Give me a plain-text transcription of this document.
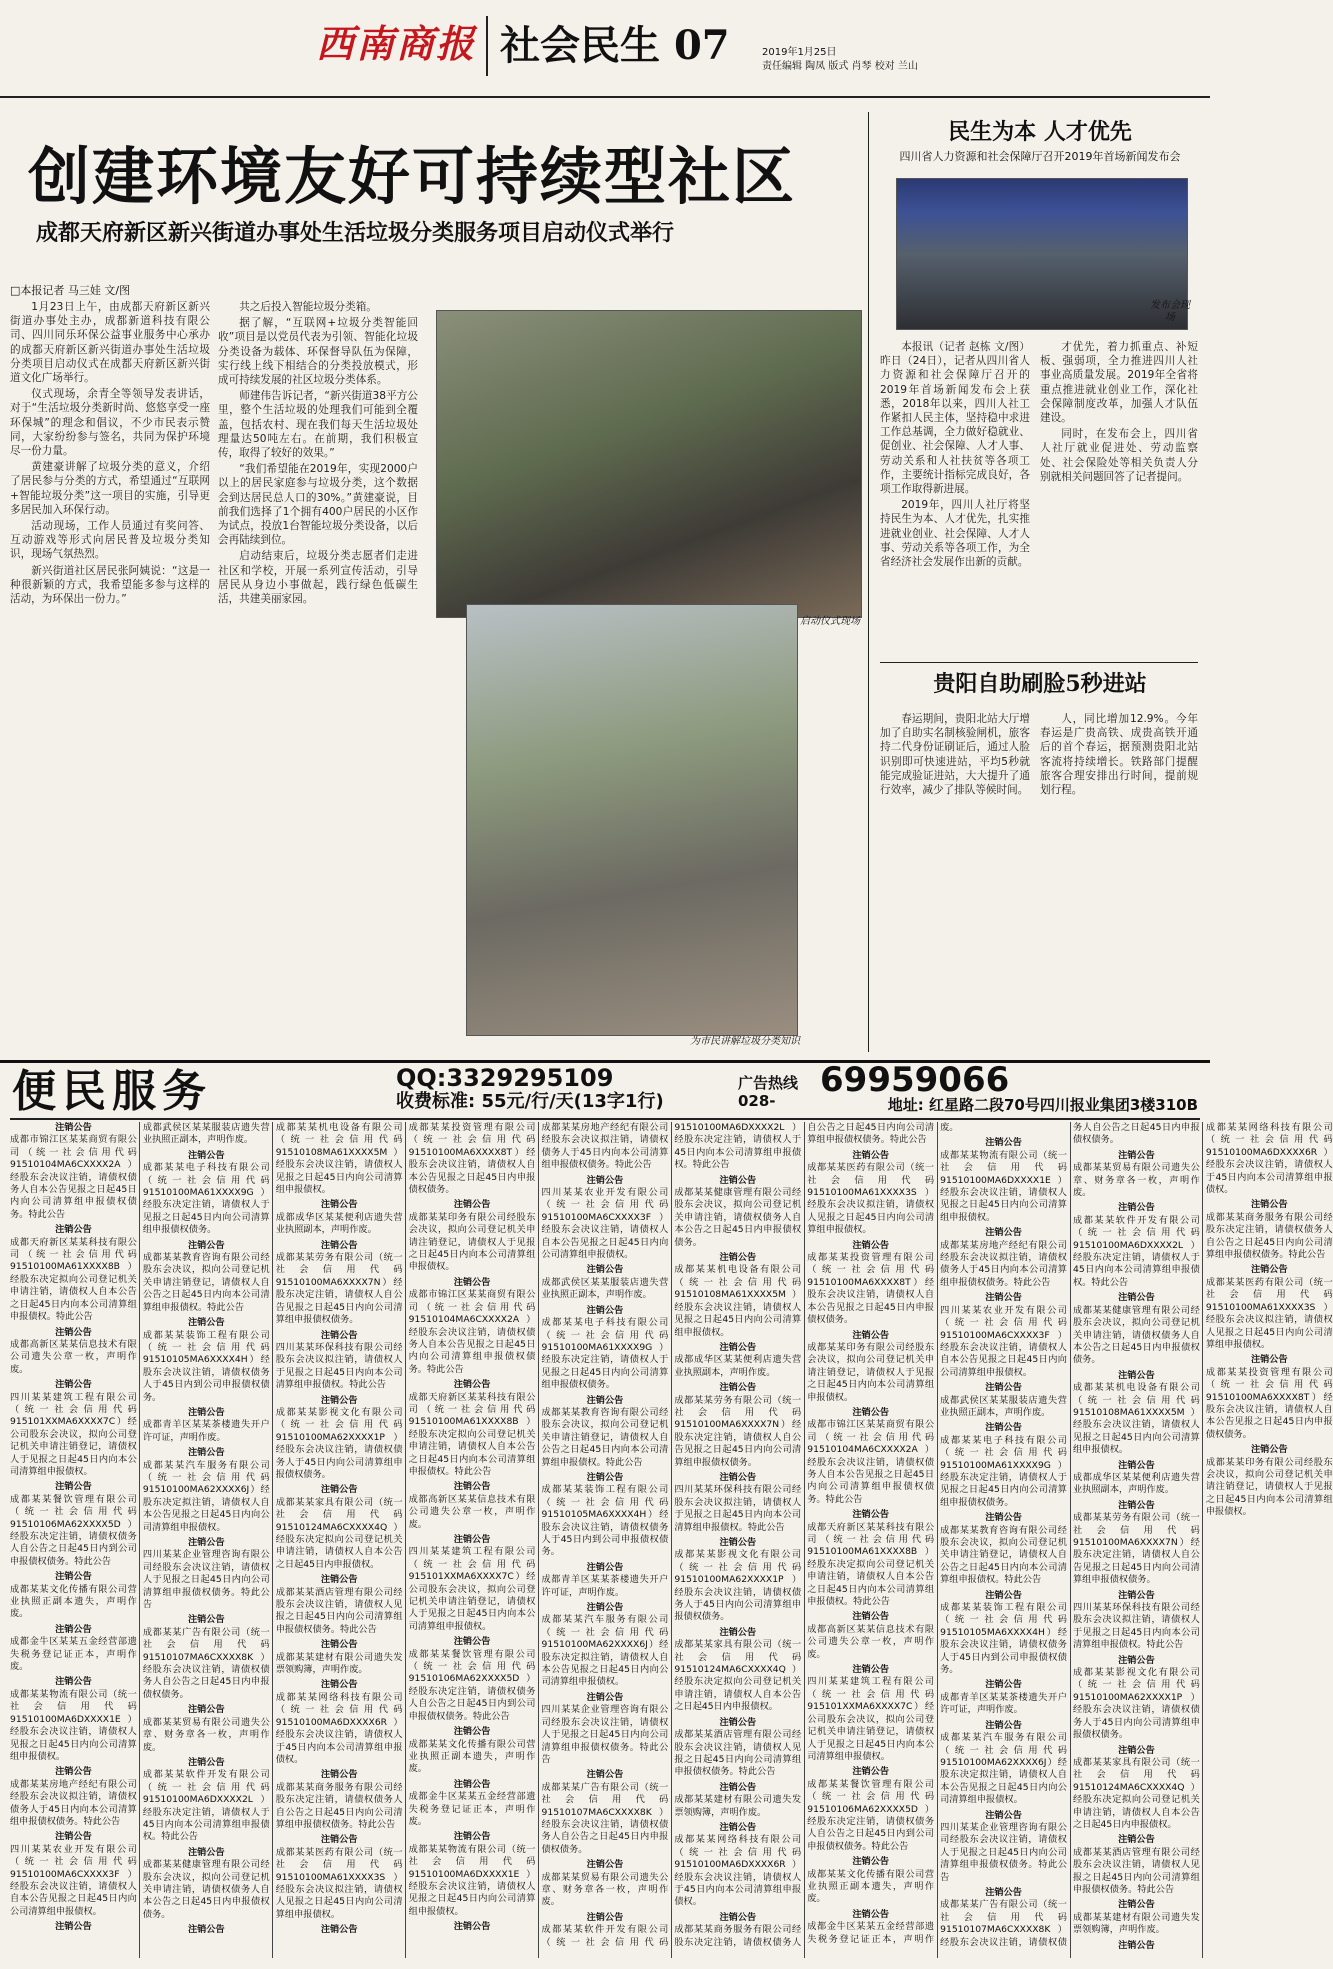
西南商报 社会民生 07	2019年1月25日
责任编辑 陶凤 版式 肖琴 校对 兰山
创建环境友好可持续型社区
成都天府新区新兴街道办事处生活垃圾分类服务项目启动仪式举行
□本报记者 马三娃 文/图

1月23日上午，由成都天府新区新兴街道办事处主办，成都新道科技有限公司、四川同乐环保公益事业服务中心承办的成都天府新区新兴街道办事处生活垃圾分类项目启动仪式在成都天府新区新兴街道文化广场举行。

仪式现场，余青全等领导发表讲话，对于“生活垃圾分类新时尚、悠悠享受一座环保城”的理念和倡议，不少市民表示赞同，大家纷纷参与签名，共同为保护环境尽一份力量。

黄建豪讲解了垃圾分类的意义，介绍了居民参与分类的方式，希望通过“互联网+智能垃圾分类”这一项目的实施，引导更多居民加入环保行动。

活动现场，工作人员通过有奖问答、互动游戏等形式向居民普及垃圾分类知识，现场气氛热烈。

新兴街道社区居民张阿姨说：“这是一种很新颖的方式，我希望能多参与这样的活动，为环保出一份力。”

共之后投入智能垃圾分类箱。

据了解，“互联网+垃圾分类智能回收”项目是以党员代表为引领、智能化垃圾分类设备为载体、环保督导队伍为保障，实行线上线下相结合的分类投放模式，形成可持续发展的社区垃圾分类体系。

师建伟告诉记者，“新兴街道38平方公里，整个生活垃圾的处理我们可能到全覆盖，包括农村、现在我们每天生活垃圾处理量达50吨左右。在前期，我们积极宣传，取得了较好的效果。”

“我们希望能在2019年，实现2000户以上的居民家庭参与垃圾分类，这个数据会到达居民总人口的30%。”黄建豪说，目前我们选择了1个拥有400户居民的小区作为试点，投放1台智能垃圾分类设备，以后会再陆续到位。

启动结束后，垃圾分类志愿者们走进社区和学校，开展一系列宣传活动，引导居民从身边小事做起，践行绿色低碳生活，共建美丽家园。

启动仪式现场
为市民讲解垃圾分类知识
民生为本 人才优先
四川省人力资源和社会保障厅召开2019年首场新闻发布会
发布会现场

本报讯（记者 赵栋 文/图）昨日（24日），记者从四川省人力资源和社会保障厅召开的2019年首场新闻发布会上获悉，2018年以来，四川人社工作紧扣人民主体，坚持稳中求进工作总基调，全力做好稳就业、促创业、社会保障、人才人事、劳动关系和人社扶贫等各项工作，主要统计指标完成良好，各项工作取得新进展。

2019年，四川人社厅将坚持民生为本、人才优先，扎实推进就业创业、社会保障、人才人事、劳动关系等各项工作，为全省经济社会发展作出新的贡献。

才优先，着力抓重点、补短板、强弱项，全力推进四川人社事业高质量发展。2019年全省将重点推进就业创业工作，深化社会保障制度改革，加强人才队伍建设。

同时，在发布会上，四川省人社厅就业促进处、劳动监察处、社会保险处等相关负责人分别就相关问题回答了记者提问。

贵阳自助刷脸5秒进站

春运期间，贵阳北站大厅增加了自助实名制核验闸机，旅客持二代身份证刷证后，通过人脸识别即可快速进站，平均5秒就能完成验证进站，大大提升了通行效率，减少了排队等候时间。

人，同比增加12.9%。今年春运是广贵高铁、成贵高铁开通后的首个春运，据预测贵阳北站客流将持续增长。铁路部门提醒旅客合理安排出行时间，提前规划行程。

便民服务	QQ:3329295109
收费标准: 55元/行/天(13字1行)
广告热线 028-
69959066
地址: 红星路二段70号四川报业集团3楼310B
注销公告
成都市锦江区某某商贸有限公司（统一社会信用代码91510104MA6CXXXX2A）经股东会决议注销，请债权债务人自本公告见报之日起45日内向公司清算组申报债权债务。特此公告
注销公告
成都天府新区某某科技有限公司（统一社会信用代码91510100MA61XXXX8B）经股东决定拟向公司登记机关申请注销，请债权人自本公告之日起45日内向本公司清算组申报债权。特此公告
注销公告
成都高新区某某信息技术有限公司遗失公章一枚，声明作废。
注销公告
四川某某建筑工程有限公司（统一社会信用代码915101XXMA6XXXX7C）经公司股东会决议，拟向公司登记机关申请注销登记，请债权人于见报之日起45日内向本公司清算组申报债权。
注销公告
成都某某餐饮管理有限公司（统一社会信用代码91510106MA62XXXX5D）经股东决定注销，请债权债务人自公告之日起45日内到公司申报债权债务。特此公告
注销公告
成都某某文化传播有限公司营业执照正副本遗失，声明作废。
注销公告
成都金牛区某某五金经营部遗失税务登记证正本，声明作废。
注销公告
成都某某物流有限公司（统一社会信用代码91510100MA6DXXXX1E）经股东会决议注销，请债权人见报之日起45日内向公司清算组申报债权。
注销公告
成都某某房地产经纪有限公司经股东会决议拟注销，请债权债务人于45日内向本公司清算组申报债权债务。特此公告
注销公告
四川某某农业开发有限公司（统一社会信用代码91510100MA6CXXXX3F）经股东会决议注销，请债权人自本公告见报之日起45日内向公司清算组申报债权。
注销公告
成都武侯区某某服装店遗失营业执照正副本，声明作废。
注销公告
成都某某电子科技有限公司（统一社会信用代码91510100MA61XXXX9G）经股东决定注销，请债权人于见报之日起45日内向公司清算组申报债权债务。
注销公告
成都某某教育咨询有限公司经股东会决议，拟向公司登记机关申请注销登记，请债权人自公告之日起45日内向本公司清算组申报债权。特此公告
注销公告
成都某某装饰工程有限公司（统一社会信用代码91510105MA6XXXX4H）经股东会决议注销，请债权债务人于45日内到公司申报债权债务。
注销公告
成都青羊区某某茶楼遗失开户许可证，声明作废。
注销公告
成都某某汽车服务有限公司（统一社会信用代码91510100MA62XXXX6J）经股东决定拟注销，请债权人自本公告见报之日起45日内向公司清算组申报债权。
注销公告
四川某某企业管理咨询有限公司经股东会决议注销，请债权人于见报之日起45日内向公司清算组申报债权债务。特此公告
注销公告
成都某某广告有限公司（统一社会信用代码91510107MA6CXXXX8K）经股东会决议注销，请债权债务人自公告之日起45日内申报债权债务。
注销公告
成都某某贸易有限公司遗失公章、财务章各一枚，声明作废。
注销公告
成都某某软件开发有限公司（统一社会信用代码91510100MA6DXXXX2L）经股东决定注销，请债权人于45日内向本公司清算组申报债权。特此公告
注销公告
成都某某健康管理有限公司经股东会决议，拟向公司登记机关申请注销，请债权债务人自本公告之日起45日内申报债权债务。
注销公告
成都某某机电设备有限公司（统一社会信用代码91510108MA61XXXX5M）经股东会决议注销，请债权人见报之日起45日内向公司清算组申报债权。
注销公告
成都成华区某某便利店遗失营业执照副本，声明作废。
注销公告
成都某某劳务有限公司（统一社会信用代码91510100MA6XXXX7N）经股东决定注销，请债权人自公告见报之日起45日内向公司清算组申报债权债务。
注销公告
四川某某环保科技有限公司经股东会决议拟注销，请债权人于见报之日起45日内向本公司清算组申报债权。特此公告
注销公告
成都某某影视文化有限公司（统一社会信用代码91510100MA62XXXX1P）经股东会决议注销，请债权债务人于45日内向公司清算组申报债权债务。
注销公告
成都某某家具有限公司（统一社会信用代码91510124MA6CXXXX4Q）经股东决定拟向公司登记机关申请注销，请债权人自本公告之日起45日内申报债权。
注销公告
成都某某酒店管理有限公司经股东会决议注销，请债权人见报之日起45日内向公司清算组申报债权债务。特此公告
注销公告
成都某某建材有限公司遗失发票领购簿，声明作废。
注销公告
成都某某网络科技有限公司（统一社会信用代码91510100MA6DXXXX6R）经股东会决议注销，请债权人于45日内向本公司清算组申报债权。
注销公告
成都某某商务服务有限公司经股东决定注销，请债权债务人自公告之日起45日内向公司清算组申报债权债务。特此公告
注销公告
成都某某医药有限公司（统一社会信用代码91510100MA61XXXX3S）经股东会决议拟注销，请债权人见报之日起45日内向公司清算组申报债权。
注销公告
成都某某投资管理有限公司（统一社会信用代码91510100MA6XXXX8T）经股东会决议注销，请债权人自本公告见报之日起45日内申报债权债务。
注销公告
成都某某印务有限公司经股东会决议，拟向公司登记机关申请注销登记，请债权人于见报之日起45日内向本公司清算组申报债权。
注销公告
成都市锦江区某某商贸有限公司（统一社会信用代码91510104MA6CXXXX2A）经股东会决议注销，请债权债务人自本公告见报之日起45日内向公司清算组申报债权债务。特此公告
注销公告
成都天府新区某某科技有限公司（统一社会信用代码91510100MA61XXXX8B）经股东决定拟向公司登记机关申请注销，请债权人自本公告之日起45日内向本公司清算组申报债权。特此公告
注销公告
成都高新区某某信息技术有限公司遗失公章一枚，声明作废。
注销公告
四川某某建筑工程有限公司（统一社会信用代码915101XXMA6XXXX7C）经公司股东会决议，拟向公司登记机关申请注销登记，请债权人于见报之日起45日内向本公司清算组申报债权。
注销公告
成都某某餐饮管理有限公司（统一社会信用代码91510106MA62XXXX5D）经股东决定注销，请债权债务人自公告之日起45日内到公司申报债权债务。特此公告
注销公告
成都某某文化传播有限公司营业执照正副本遗失，声明作废。
注销公告
成都金牛区某某五金经营部遗失税务登记证正本，声明作废。
注销公告
成都某某物流有限公司（统一社会信用代码91510100MA6DXXXX1E）经股东会决议注销，请债权人见报之日起45日内向公司清算组申报债权。
注销公告
成都某某房地产经纪有限公司经股东会决议拟注销，请债权债务人于45日内向本公司清算组申报债权债务。特此公告
注销公告
四川某某农业开发有限公司（统一社会信用代码91510100MA6CXXXX3F）经股东会决议注销，请债权人自本公告见报之日起45日内向公司清算组申报债权。
注销公告
成都武侯区某某服装店遗失营业执照正副本，声明作废。
注销公告
成都某某电子科技有限公司（统一社会信用代码91510100MA61XXXX9G）经股东决定注销，请债权人于见报之日起45日内向公司清算组申报债权债务。
注销公告
成都某某教育咨询有限公司经股东会决议，拟向公司登记机关申请注销登记，请债权人自公告之日起45日内向本公司清算组申报债权。特此公告
注销公告
成都某某装饰工程有限公司（统一社会信用代码91510105MA6XXXX4H）经股东会决议注销，请债权债务人于45日内到公司申报债权债务。
注销公告
成都青羊区某某茶楼遗失开户许可证，声明作废。
注销公告
成都某某汽车服务有限公司（统一社会信用代码91510100MA62XXXX6J）经股东决定拟注销，请债权人自本公告见报之日起45日内向公司清算组申报债权。
注销公告
四川某某企业管理咨询有限公司经股东会决议注销，请债权人于见报之日起45日内向公司清算组申报债权债务。特此公告
注销公告
成都某某广告有限公司（统一社会信用代码91510107MA6CXXXX8K）经股东会决议注销，请债权债务人自公告之日起45日内申报债权债务。
注销公告
成都某某贸易有限公司遗失公章、财务章各一枚，声明作废。
注销公告
成都某某软件开发有限公司（统一社会信用代码91510100MA6DXXXX2L）经股东决定注销，请债权人于45日内向本公司清算组申报债权。特此公告
注销公告
成都某某健康管理有限公司经股东会决议，拟向公司登记机关申请注销，请债权债务人自本公告之日起45日内申报债权债务。
注销公告
成都某某机电设备有限公司（统一社会信用代码91510108MA61XXXX5M）经股东会决议注销，请债权人见报之日起45日内向公司清算组申报债权。
注销公告
成都成华区某某便利店遗失营业执照副本，声明作废。
注销公告
成都某某劳务有限公司（统一社会信用代码91510100MA6XXXX7N）经股东决定注销，请债权人自公告见报之日起45日内向公司清算组申报债权债务。
注销公告
四川某某环保科技有限公司经股东会决议拟注销，请债权人于见报之日起45日内向本公司清算组申报债权。特此公告
注销公告
成都某某影视文化有限公司（统一社会信用代码91510100MA62XXXX1P）经股东会决议注销，请债权债务人于45日内向公司清算组申报债权债务。
注销公告
成都某某家具有限公司（统一社会信用代码91510124MA6CXXXX4Q）经股东决定拟向公司登记机关申请注销，请债权人自本公告之日起45日内申报债权。
注销公告
成都某某酒店管理有限公司经股东会决议注销，请债权人见报之日起45日内向公司清算组申报债权债务。特此公告
注销公告
成都某某建材有限公司遗失发票领购簿，声明作废。
注销公告
成都某某网络科技有限公司（统一社会信用代码91510100MA6DXXXX6R）经股东会决议注销，请债权人于45日内向本公司清算组申报债权。
注销公告
成都某某商务服务有限公司经股东决定注销，请债权债务人自公告之日起45日内向公司清算组申报债权债务。特此公告
注销公告
成都某某医药有限公司（统一社会信用代码91510100MA61XXXX3S）经股东会决议拟注销，请债权人见报之日起45日内向公司清算组申报债权。
注销公告
成都某某投资管理有限公司（统一社会信用代码91510100MA6XXXX8T）经股东会决议注销，请债权人自本公告见报之日起45日内申报债权债务。
注销公告
成都某某印务有限公司经股东会决议，拟向公司登记机关申请注销登记，请债权人于见报之日起45日内向本公司清算组申报债权。
注销公告
成都市锦江区某某商贸有限公司（统一社会信用代码91510104MA6CXXXX2A）经股东会决议注销，请债权债务人自本公告见报之日起45日内向公司清算组申报债权债务。特此公告
注销公告
成都天府新区某某科技有限公司（统一社会信用代码91510100MA61XXXX8B）经股东决定拟向公司登记机关申请注销，请债权人自本公告之日起45日内向本公司清算组申报债权。特此公告
注销公告
成都高新区某某信息技术有限公司遗失公章一枚，声明作废。
注销公告
四川某某建筑工程有限公司（统一社会信用代码915101XXMA6XXXX7C）经公司股东会决议，拟向公司登记机关申请注销登记，请债权人于见报之日起45日内向本公司清算组申报债权。
注销公告
成都某某餐饮管理有限公司（统一社会信用代码91510106MA62XXXX5D）经股东决定注销，请债权债务人自公告之日起45日内到公司申报债权债务。特此公告
注销公告
成都某某文化传播有限公司营业执照正副本遗失，声明作废。
注销公告
成都金牛区某某五金经营部遗失税务登记证正本，声明作废。
注销公告
成都某某物流有限公司（统一社会信用代码91510100MA6DXXXX1E）经股东会决议注销，请债权人见报之日起45日内向公司清算组申报债权。
注销公告
成都某某房地产经纪有限公司经股东会决议拟注销，请债权债务人于45日内向本公司清算组申报债权债务。特此公告
注销公告
四川某某农业开发有限公司（统一社会信用代码91510100MA6CXXXX3F）经股东会决议注销，请债权人自本公告见报之日起45日内向公司清算组申报债权。
注销公告
成都武侯区某某服装店遗失营业执照正副本，声明作废。
注销公告
成都某某电子科技有限公司（统一社会信用代码91510100MA61XXXX9G）经股东决定注销，请债权人于见报之日起45日内向公司清算组申报债权债务。
注销公告
成都某某教育咨询有限公司经股东会决议，拟向公司登记机关申请注销登记，请债权人自公告之日起45日内向本公司清算组申报债权。特此公告
注销公告
成都某某装饰工程有限公司（统一社会信用代码91510105MA6XXXX4H）经股东会决议注销，请债权债务人于45日内到公司申报债权债务。
注销公告
成都青羊区某某茶楼遗失开户许可证，声明作废。
注销公告
成都某某汽车服务有限公司（统一社会信用代码91510100MA62XXXX6J）经股东决定拟注销，请债权人自本公告见报之日起45日内向公司清算组申报债权。
注销公告
四川某某企业管理咨询有限公司经股东会决议注销，请债权人于见报之日起45日内向公司清算组申报债权债务。特此公告
注销公告
成都某某广告有限公司（统一社会信用代码91510107MA6CXXXX8K）经股东会决议注销，请债权债务人自公告之日起45日内申报债权债务。
注销公告
成都某某贸易有限公司遗失公章、财务章各一枚，声明作废。
注销公告
成都某某软件开发有限公司（统一社会信用代码91510100MA6DXXXX2L）经股东决定注销，请债权人于45日内向本公司清算组申报债权。特此公告
注销公告
成都某某健康管理有限公司经股东会决议，拟向公司登记机关申请注销，请债权债务人自本公告之日起45日内申报债权债务。
注销公告
成都某某机电设备有限公司（统一社会信用代码91510108MA61XXXX5M）经股东会决议注销，请债权人见报之日起45日内向公司清算组申报债权。
注销公告
成都成华区某某便利店遗失营业执照副本，声明作废。
注销公告
成都某某劳务有限公司（统一社会信用代码91510100MA6XXXX7N）经股东决定注销，请债权人自公告见报之日起45日内向公司清算组申报债权债务。
注销公告
四川某某环保科技有限公司经股东会决议拟注销，请债权人于见报之日起45日内向本公司清算组申报债权。特此公告
注销公告
成都某某影视文化有限公司（统一社会信用代码91510100MA62XXXX1P）经股东会决议注销，请债权债务人于45日内向公司清算组申报债权债务。
注销公告
成都某某家具有限公司（统一社会信用代码91510124MA6CXXXX4Q）经股东决定拟向公司登记机关申请注销，请债权人自本公告之日起45日内申报债权。
注销公告
成都某某酒店管理有限公司经股东会决议注销，请债权人见报之日起45日内向公司清算组申报债权债务。特此公告
注销公告
成都某某建材有限公司遗失发票领购簿，声明作废。
注销公告
成都某某网络科技有限公司（统一社会信用代码91510100MA6DXXXX6R）经股东会决议注销，请债权人于45日内向本公司清算组申报债权。
注销公告
成都某某商务服务有限公司经股东决定注销，请债权债务人自公告之日起45日内向公司清算组申报债权债务。特此公告
注销公告
成都某某医药有限公司（统一社会信用代码91510100MA61XXXX3S）经股东会决议拟注销，请债权人见报之日起45日内向公司清算组申报债权。
注销公告
成都某某投资管理有限公司（统一社会信用代码91510100MA6XXXX8T）经股东会决议注销，请债权人自本公告见报之日起45日内申报债权债务。
注销公告
成都某某印务有限公司经股东会决议，拟向公司登记机关申请注销登记，请债权人于见报之日起45日内向本公司清算组申报债权。
